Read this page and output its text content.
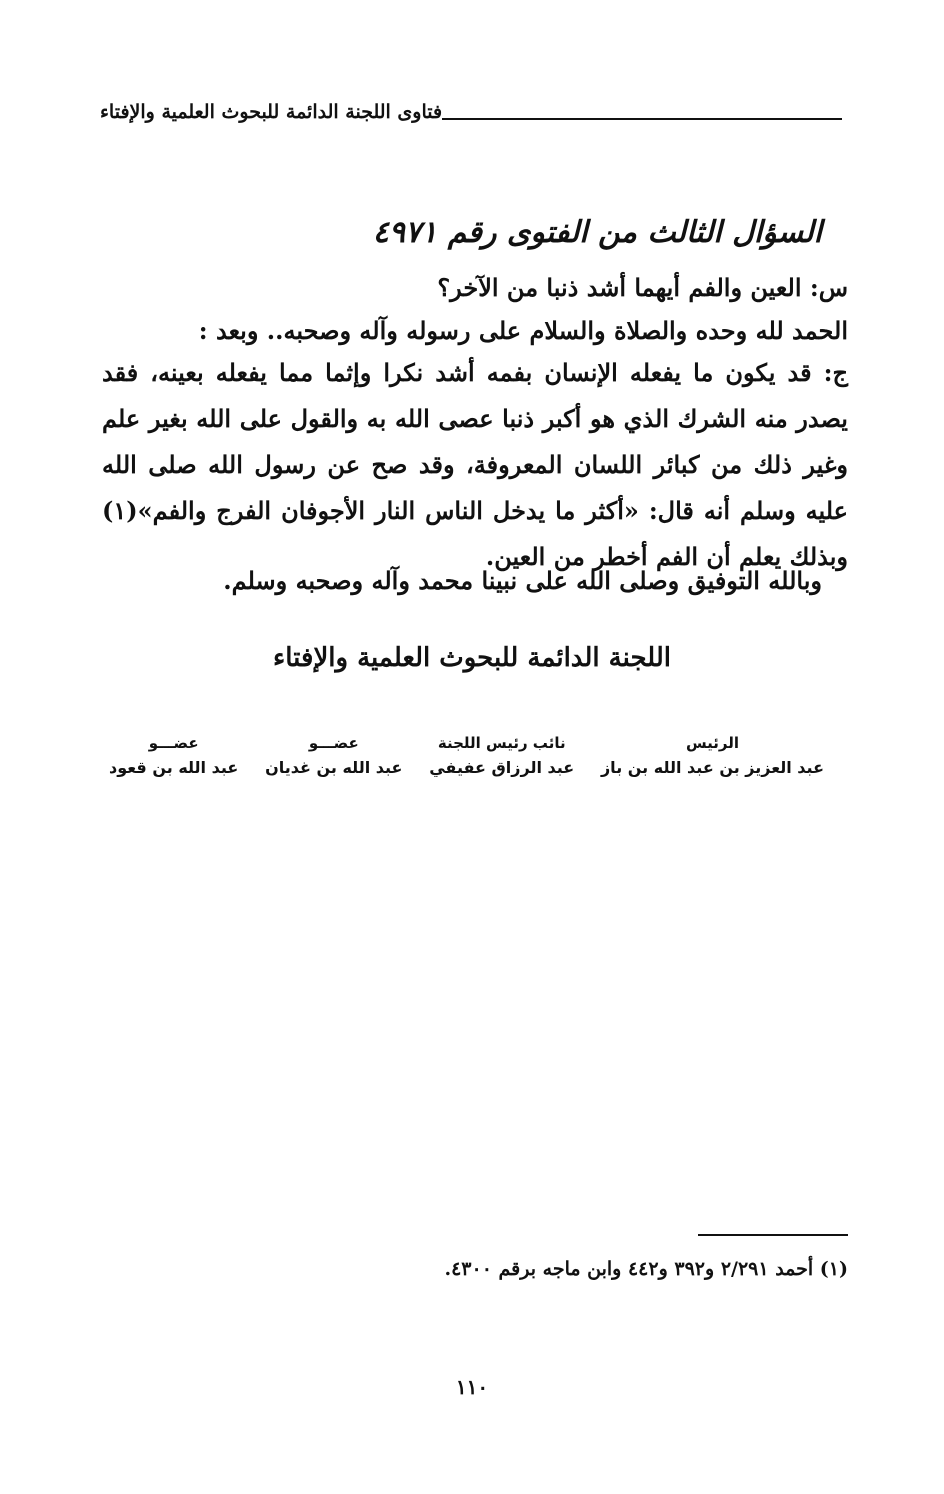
فتاوى اللجنة الدائمة للبحوث العلمية والإفتاء
السؤال الثالث من الفتوى رقم ٤٩٧١
س: العين والفم أيهما أشد ذنبا من الآخر؟
الحمد لله وحده والصلاة والسلام على رسوله وآله وصحبه.. وبعد :
ج: قد يكون ما يفعله الإنسان بفمه أشد نكرا وإثما مما يفعله بعينه، فقد يصدر منه الشرك الذي هو أكبر ذنبا عصى الله به والقول على الله بغير علم وغير ذلك من كبائر اللسان المعروفة، وقد صح عن رسول الله صلى الله عليه وسلم أنه قال: «أكثر ما يدخل الناس النار الأجوفان الفرج والفم»(١) وبذلك يعلم أن الفم أخطر من العين.
وبالله التوفيق وصلى الله على نبينا محمد وآله وصحبه وسلم.
اللجنة الدائمة للبحوث العلمية والإفتاء
عضـــو
عبد الله بن قعود
عضـــو
عبد الله بن غديان
نائب رئيس اللجنة
عبد الرزاق عفيفي
الرئيس
عبد العزيز بن عبد الله بن باز
(١) أحمد ٢/٢٩١ و٣٩٢ و٤٤٢ وابن ماجه برقم ٤٣٠٠.
١١٠
